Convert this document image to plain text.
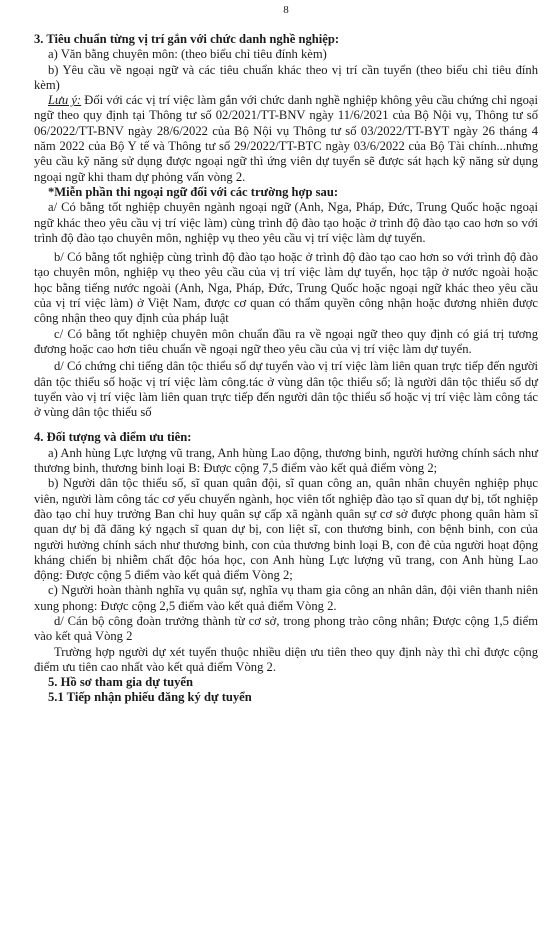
8

3. Tiêu chuẩn từng vị trí gắn với chức danh nghề nghiệp:

a) Văn bằng chuyên môn: (theo biểu chỉ tiêu đính kèm)

b) Yêu cầu về ngoại ngữ và các tiêu chuẩn khác theo vị trí cần tuyển (theo biểu chỉ tiêu đính kèm)

Lưu ý: Đối với các vị trí việc làm gắn với chức danh nghề nghiệp không yêu cầu chứng chỉ ngoại ngữ theo quy định tại Thông tư số 02/2021/TT-BNV ngày 11/6/2021 của Bộ Nội vụ, Thông tư số 06/2022/TT-BNV ngày 28/6/2022 của Bộ Nội vụ Thông tư số 03/2022/TT-BYT ngày 26 tháng 4 năm 2022 của Bộ Y tế và Thông tư số 29/2022/TT-BTC ngày 03/6/2022 của Bộ Tài chính...nhưng yêu cầu kỹ năng sử dụng được ngoại ngữ thì ứng viên dự tuyển sẽ được sát hạch kỹ năng sử dụng ngoại ngữ khi tham dự phỏng vấn vòng 2.

*Miễn phần thi ngoại ngữ đối với các trường hợp sau:

a/ Có bằng tốt nghiệp chuyên ngành ngoại ngữ (Anh, Nga, Pháp, Đức, Trung Quốc hoặc ngoại ngữ khác theo yêu cầu vị trí việc làm) cùng trình độ đào tạo hoặc ở trình độ đào tạo cao hơn so với trình độ đào tạo chuyên môn, nghiệp vụ theo yêu cầu vị trí việc làm dự tuyển.

b/ Có bằng tốt nghiệp cùng trình độ đào tạo hoặc ở trình độ đào tạo cao hơn so với trình độ đào tạo chuyên môn, nghiệp vụ theo yêu cầu của vị trí việc làm dự tuyển, học tập ở nước ngoài hoặc học bằng tiếng nước ngoài (Anh, Nga, Pháp, Đức, Trung Quốc hoặc ngoại ngữ khác theo yêu cầu của vị trí việc làm) ở Việt Nam, được cơ quan có thẩm quyền công nhận hoặc đương nhiên được công nhận theo quy định của pháp luật

c/ Có bằng tốt nghiệp chuyên môn chuẩn đầu ra về ngoại ngữ theo quy định có giá trị tương đương hoặc cao hơn tiêu chuẩn về ngoại ngữ theo yêu cầu của vị trí việc làm dự tuyển.

d/ Có chứng chỉ tiếng dân tộc thiểu số dự tuyển vào vị trí việc làm liên quan trực tiếp đến người dân tộc thiểu số hoặc vị trí việc làm công.tác ở vùng dân tộc thiểu số; là người dân tộc thiểu số dự tuyển vào vị trí việc làm liên quan trực tiếp đến người dân tộc thiểu số hoặc vị trí việc làm công tác ở vùng dân tộc thiểu số

4. Đối tượng và điểm ưu tiên:

a) Anh hùng Lực lượng vũ trang, Anh hùng Lao động, thương binh, người hưởng chính sách như thương binh, thương binh loại B: Được cộng 7,5 điểm vào kết quả điểm vòng 2;

b) Người dân tộc thiểu số, sĩ quan quân đội, sĩ quan công an, quân nhân chuyên nghiệp phục viên, người làm công tác cơ yếu chuyển ngành, học viên tốt nghiệp đào tạo sĩ quan dự bị, tốt nghiệp đào tạo chỉ huy trưởng Ban chỉ huy quân sự cấp xã ngành quân sự cơ sở được phong quân hàm sĩ quan dự bị đã đăng ký ngạch sĩ quan dự bị, con liệt sĩ, con thương binh, con bệnh binh, con của người hưởng chính sách như thương binh, con của thương binh loại B, con đẻ của người hoạt động kháng chiến bị nhiễm chất độc hóa học, con Anh hùng Lực lượng vũ trang, con Anh hùng Lao động: Được cộng 5 điểm vào kết quả điểm Vòng 2;

c) Người hoàn thành nghĩa vụ quân sự, nghĩa vụ tham gia công an nhân dân, đội viên thanh niên xung phong: Được cộng 2,5 điểm vào kết quả điểm Vòng 2.

d/ Cán bộ công đoàn trưởng thành từ cơ sở, trong phong trào công nhân; Được cộng 1,5 điểm vào kết quả Vòng 2

Trường hợp người dự xét tuyển thuộc nhiều diện ưu tiên theo quy định này thì chỉ được cộng điểm ưu tiên cao nhất vào kết quả điểm Vòng 2.

5. Hồ sơ tham gia dự tuyển

5.1 Tiếp nhận phiếu đăng ký dự tuyển
